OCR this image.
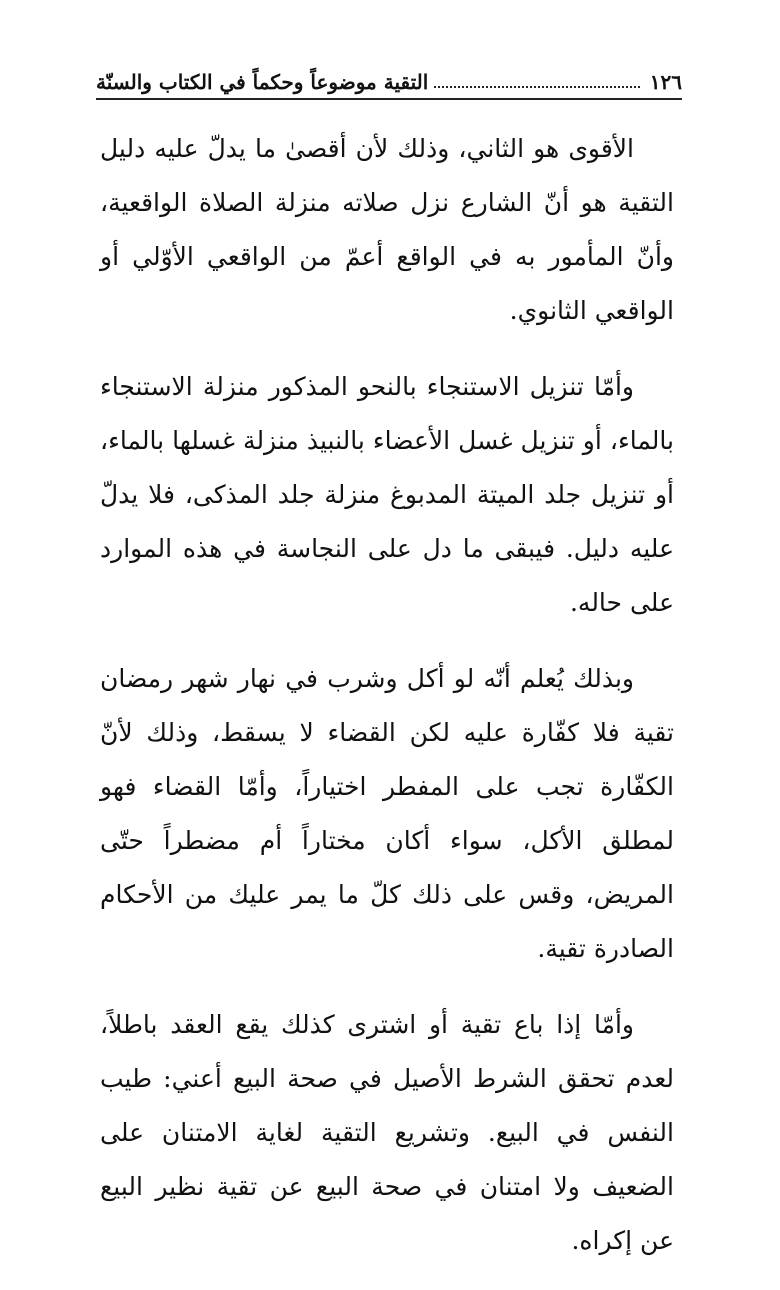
١٢٦
التقية موضوعاً وحكماً في الكتاب والسنّة

الأقوى هو الثاني، وذلك لأن أقصىٰ ما يدلّ عليه دليل التقية هو أنّ الشارع نزل صلاته منزلة الصلاة الواقعية، وأنّ المأمور به في الواقع أعمّ من الواقعي الأوّلي أو الواقعي الثانوي.

وأمّا تنزيل الاستنجاء بالنحو المذكور منزلة الاستنجاء بالماء، أو تنزيل غسل الأعضاء بالنبيذ منزلة غسلها بالماء، أو تنزيل جلد الميتة المدبوغ منزلة جلد المذكى، فلا يدلّ عليه دليل. فيبقى ما دل على النجاسة في هذه الموارد على حاله.

وبذلك يُعلم أنّه لو أكل وشرب في نهار شهر رمضان تقية فلا كفّارة عليه لكن القضاء لا يسقط، وذلك لأنّ الكفّارة تجب على المفطر اختياراً، وأمّا القضاء فهو لمطلق الأكل، سواء أكان مختاراً أم مضطراً حتّى المريض، وقس على ذلك كلّ ما يمر عليك من الأحكام الصادرة تقية.

وأمّا إذا باع تقية أو اشترى كذلك يقع العقد باطلاً، لعدم تحقق الشرط الأصيل في صحة البيع أعني: طيب النفس في البيع. وتشريع التقية لغاية الامتنان على الضعيف ولا امتنان في صحة البيع عن تقية نظير البيع عن إكراه.
